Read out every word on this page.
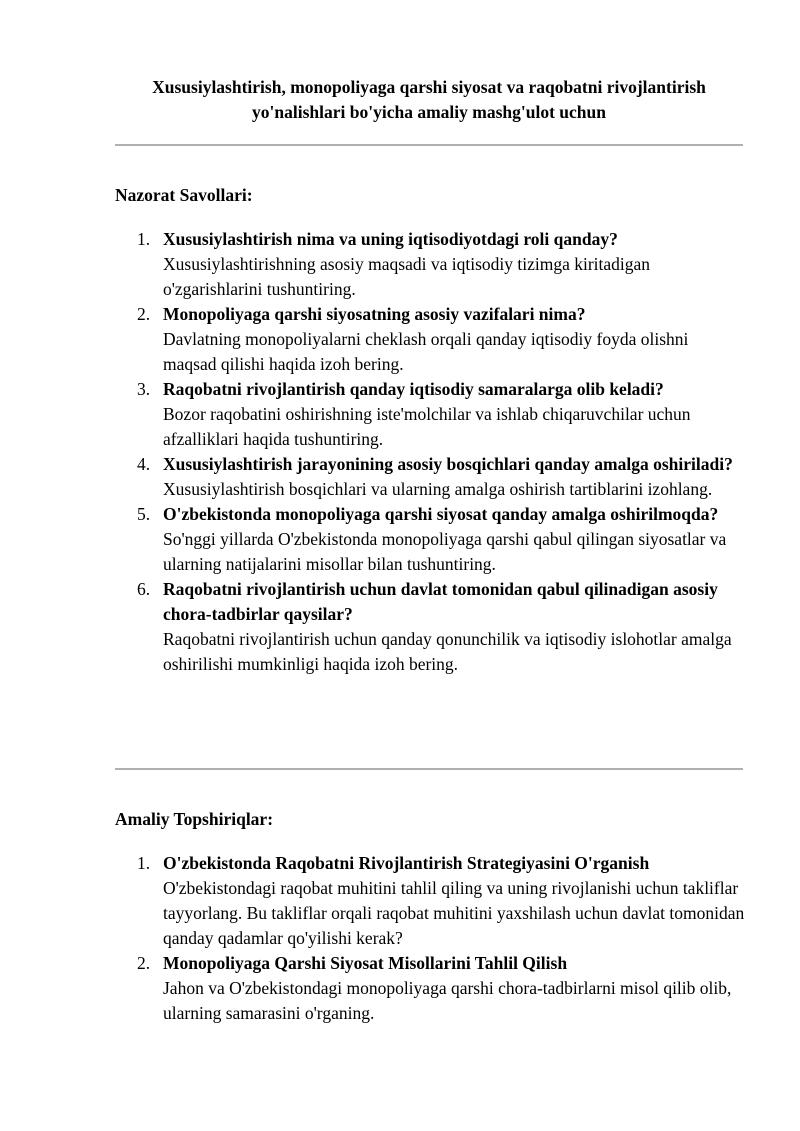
Xususiylashtirish, monopoliyaga qarshi siyosat va raqobatni rivojlantirish yo'nalishlari bo'yicha amaliy mashg'ulot uchun
Nazorat Savollari:
1. Xususiylashtirish nima va uning iqtisodiyotdagi roli qanday?
Xususiylashtirishning asosiy maqsadi va iqtisodiy tizimga kiritadigan o'zgarishlarini tushuntiring.
2. Monopoliyaga qarshi siyosatning asosiy vazifalari nima?
Davlatning monopoliyalarni cheklash orqali qanday iqtisodiy foyda olishni maqsad qilishi haqida izoh bering.
3. Raqobatni rivojlantirish qanday iqtisodiy samaralarga olib keladi?
Bozor raqobatini oshirishning iste'molchilar va ishlab chiqaruvchilar uchun afzalliklari haqida tushuntiring.
4. Xususiylashtirish jarayonining asosiy bosqichlari qanday amalga oshiriladi?
Xususiylashtirish bosqichlari va ularning amalga oshirish tartiblarini izohlang.
5. O'zbekistonda monopoliyaga qarshi siyosat qanday amalga oshirilmoqda?
So'nggi yillarda O'zbekistonda monopoliyaga qarshi qabul qilingan siyosatlar va ularning natijalarini misollar bilan tushuntiring.
6. Raqobatni rivojlantirish uchun davlat tomonidan qabul qilinadigan asosiy chora-tadbirlar qaysilar?
Raqobatni rivojlantirish uchun qanday qonunchilik va iqtisodiy islohotlar amalga oshirilishi mumkinligi haqida izoh bering.
Amaliy Topshiriqlar:
1. O'zbekistonda Raqobatni Rivojlantirish Strategiyasini O'rganish
O'zbekistondagi raqobat muhitini tahlil qiling va uning rivojlanishi uchun takliflar tayyorlang. Bu takliflar orqali raqobat muhitini yaxshilash uchun davlat tomonidan qanday qadamlar qo'yilishi kerak?
2. Monopoliyaga Qarshi Siyosat Misollarini Tahlil Qilish
Jahon va O'zbekistondagi monopoliyaga qarshi chora-tadbirlarni misol qilib olib, ularning samarasini o'rganing.
